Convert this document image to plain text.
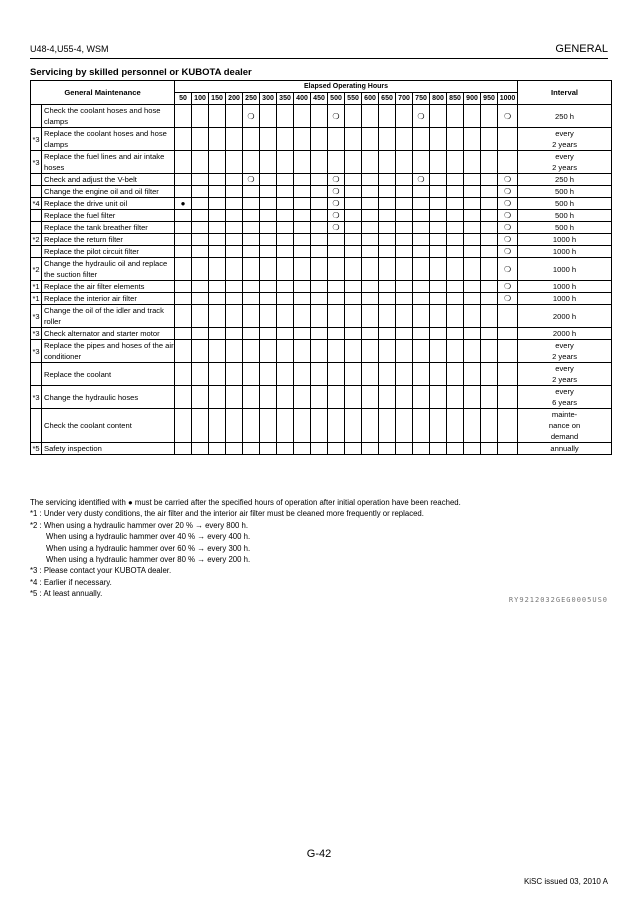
U48-4,U55-4, WSM	GENERAL
Servicing by skilled personnel or KUBOTA dealer
General Maintenance		Elapsed Operating Hours																				Interval
		50	100	150	200	250	300	350	400	450	500	550	600	650	700	750	800	850	900	950	1000	
	Check the coolant hoses and hose clamps					❍					❍					❍					❍	250 h

*3	Replace the coolant hoses and hose clamps																					every
2 years

*3	Replace the fuel lines and air intake hoses																					every
2 years

	Check and adjust the V-belt					❍					❍					❍					❍	250 h

	Change the engine oil and oil filter										❍										❍	500 h

*4	Replace the drive unit oil	●									❍										❍	500 h

	Replace the fuel filter										❍										❍	500 h

	Replace the tank breather filter										❍										❍	500 h

*2	Replace the return filter																				❍	1000 h

	Replace the pilot circuit filter																				❍	1000 h

*2	Change the hydraulic oil and replace the suction filter																				❍	1000 h

*1	Replace the air filter elements																				❍	1000 h

*1	Replace the interior air filter																				❍	1000 h

*3	Change the oil of the idler and track roller																					2000 h

*3	Check alternator and starter motor																					2000 h

*3	Replace the pipes and hoses of the air conditioner																					every
2 years

	Replace the coolant																					every
2 years

*3	Change the hydraulic hoses																					every
6 years

	Check the coolant content																					mainte-
nance on
demand

*5	Safety inspection																					annually
The servicing identified with ● must be carried after the specified hours of operation after initial operation have been reached.
*1 : Under very dusty conditions, the air filter and the interior air filter must be cleaned more frequently or replaced.
*2 : When using a hydraulic hammer over 20 % → every 800 h.
When using a hydraulic hammer over 40 % → every 400 h.
When using a hydraulic hammer over 60 % → every 300 h.
When using a hydraulic hammer over 80 % → every 200 h.
*3 : Please contact your KUBOTA dealer.
*4 : Earlier if necessary.
*5 : At least annually.
RY9212032GEG0005US0
G-42
KiSC issued 03, 2010 A
